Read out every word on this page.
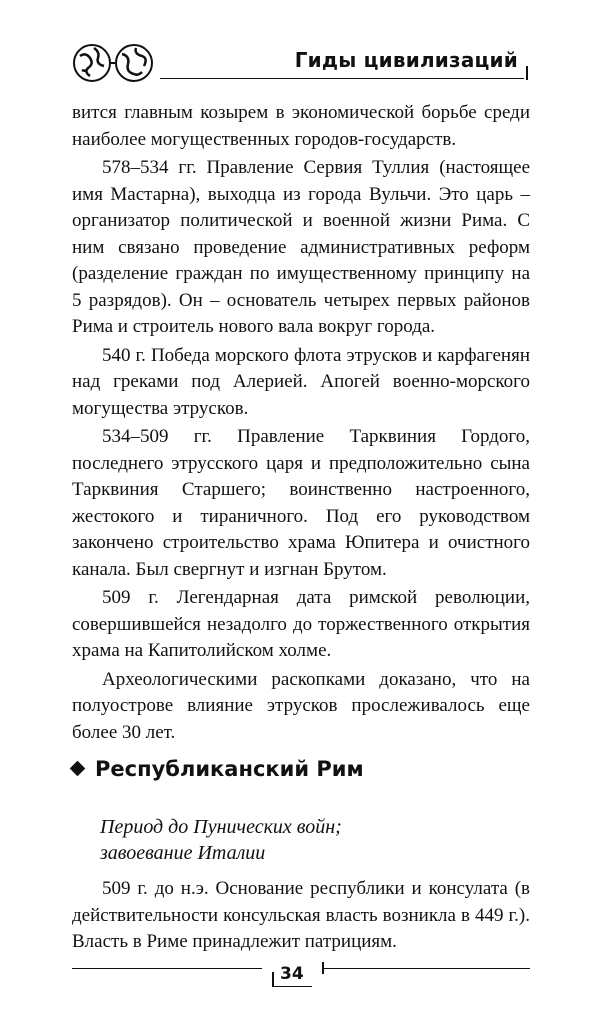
Гиды цивилизаций

вится главным козырем в экономической борьбе среди наиболее могущественных городов-государств.

578–534 гг. Правление Сервия Туллия (настоящее имя Мастарна), выходца из города Вульчи. Это царь – организатор политической и военной жизни Рима. С ним связано проведение административных реформ (разделение граждан по имущественному принципу на 5 разрядов). Он – основатель четырех первых районов Рима и строитель нового вала вокруг города.

540 г. Победа морского флота этрусков и карфагенян над греками под Алерией. Апогей военно-морского могущества этрусков.

534–509 гг. Правление Тарквиния Гордого, последнего этрусского царя и предположительно сына Тарквиния Старшего; воинственно настроенного, жестокого и тираничного. Под его руководством закончено строительство храма Юпитера и очистного канала. Был свергнут и изгнан Брутом.

509 г. Легендарная дата римской революции, совершившейся незадолго до торжественного открытия храма на Капитолийском холме.

Археологическими раскопками доказано, что на полуострове влияние этрусков прослеживалось еще более 30 лет.

Республиканский Рим

Период до Пунических войн;
завоевание Италии

509 г. до н.э. Основание республики и консулата (в действительности консульская власть возникла в 449 г.). Власть в Риме принадлежит патрициям.

34
